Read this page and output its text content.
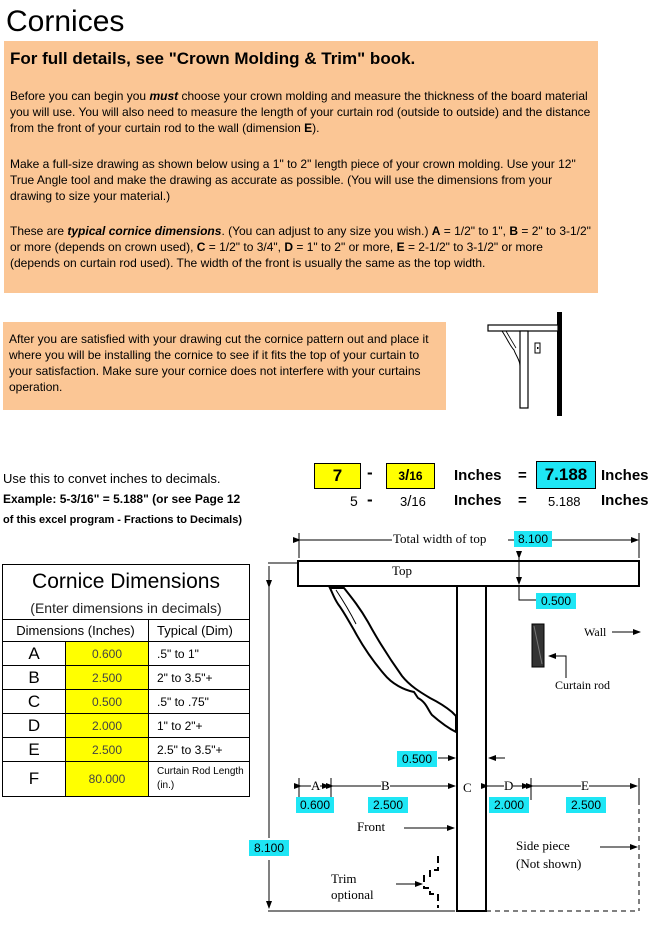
Cornices
For full details, see "Crown Molding & Trim" book.
Before you can begin you must choose your crown molding and measure the thickness of the board material you will use. You will also need to measure the length of your curtain rod (outside to outside) and the distance from the front of your curtain rod to the wall (dimension E).
Make a full-size drawing as shown below using a 1" to 2" length piece of your crown molding. Use your 12" True Angle tool and make the drawing as accurate as possible. (You will use the dimensions from your drawing to size your material.)
These are typical cornice dimensions. (You can adjust to any size you wish.) A = 1/2" to 1", B = 2" to 3-1/2" or more (depends on crown used), C = 1/2" to 3/4", D = 1" to 2" or more, E = 2-1/2" to 3-1/2" or more (depends on curtain rod used). The width of the front is usually the same as the top width.
After you are satisfied with your drawing cut the cornice pattern out and place it where you will be installing the cornice to see if it fits the top of your curtain to your satisfaction. Make sure your cornice does not interfere with your curtains operation.
Use this to convet inches to decimals.
Example: 5-3/16" = 5.188" (or see Page 12
of this excel program - Fractions to Decimals)
7	-	3/16	Inches =	7.188 Inches
5 - 3/16 Inches = 5.188 Inches
Cornice Dimensions		
(Enter dimensions in decimals)		
Dimensions (Inches)		Typical (Dim)
A	0.600	.5" to 1"
B	2.500	2" to 3.5"+
C	0.500	.5" to .75"
D	2.000	1" to 2"+
E	2.500	2.5" to 3.5"+
F	80.000	Curtain Rod Length (in.)
Total width of top	8.100
Top
0.500
Wall
Curtain rod
0.500
A	B	C D	E
0.600	2.500	2.000	2.500
Front
Side piece
(Not shown)
Trim
optional
8.100
